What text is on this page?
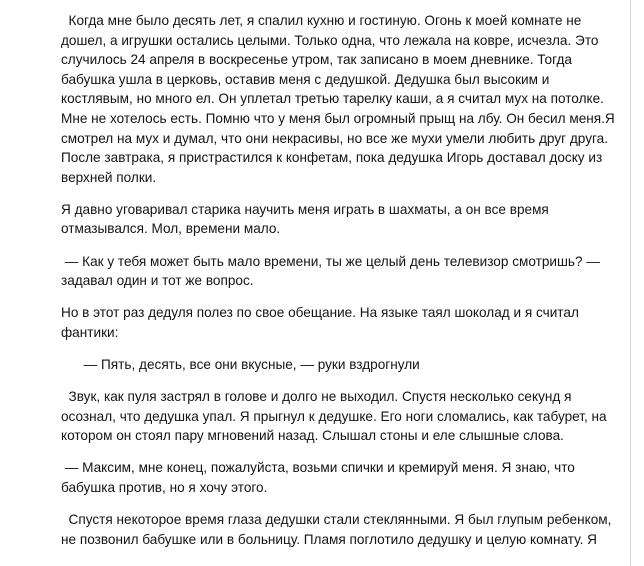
Когда мне было десять лет, я спалил кухню и гостиную. Огонь к моей комнате не
дошел, а игрушки остались целыми. Только одна, что лежала на ковре, исчезла. Это
случилось 24 апреля в воскресенье утром, так записано в моем дневнике. Тогда
бабушка ушла в церковь, оставив меня с дедушкой. Дедушка был высоким и
костлявым, но много ел. Он уплетал третью тарелку каши, а я считал мух на потолке.
Мне не хотелось есть. Помню что у меня был огромный прыщ на лбу. Он бесил меня.Я
смотрел на мух и думал, что они некрасивы, но все же мухи умели любить друг друга.
После завтрака, я пристрастился к конфетам, пока дедушка Игорь доставал доску из
верхней полки.
Я давно уговаривал старика научить меня играть в шахматы, а он все время
отмазывался. Мол, времени мало.
— Как у тебя может быть мало времени, ты же целый день телевизор смотришь? —
задавал один и тот же вопрос.
Но в этот раз дедуля полез по свое обещание. На языке таял шоколад и я считал
фантики:
— Пять, десять, все они вкусные, — руки вздрогнули
Звук, как пуля застрял в голове и долго не выходил. Спустя несколько секунд я
осознал, что дедушка упал. Я прыгнул к дедушке. Его ноги сломались, как табурет, на
котором он стоял пару мгновений назад. Слышал стоны и еле слышные слова.
— Максим, мне конец, пожалуйста, возьми спички и кремируй меня. Я знаю, что
бабушка против, но я хочу этого.
Спустя некоторое время глаза дедушки стали стеклянными. Я был глупым ребенком,
не позвонил бабушке или в больницу. Пламя поглотило дедушку и целую комнату. Я
